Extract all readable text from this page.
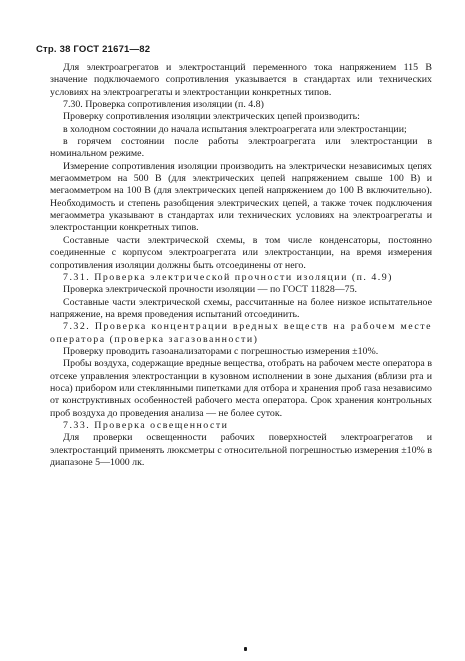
Стр. 38 ГОСТ 21671—82

Для электроагрегатов и электростанций переменного тока напряжением 115 В значение подключаемого сопротивления указывается в стандартах или технических условиях на электроагрегаты и электростанции конкретных типов.

7.30. Проверка сопротивления изоляции (п. 4.8)

Проверку сопротивления изоляции электрических цепей производить:

в холодном состоянии до начала испытания электроагрегата или электростанции;

в горячем состоянии после работы электроагрегата или электростанции в номинальном режиме.

Измерение сопротивления изоляции производить на электрически независимых цепях мегаомметром на 500 В (для электрических цепей напряжением свыше 100 В) и мегаомметром на 100 В (для электрических цепей напряжением до 100 В включительно). Необходимость и степень разобщения электрических цепей, а также точек подключения мегаомметра указывают в стандартах или технических условиях на электроагрегаты и электростанции конкретных типов.

Составные части электрической схемы, в том числе конденсаторы, постоянно соединенные с корпусом электроагрегата или электростанции, на время измерения сопротивления изоляции должны быть отсоединены от него.

7.31. Проверка электрической прочности изоляции (п. 4.9)

Проверка электрической прочности изоляции — по ГОСТ 11828—75.

Составные части электрической схемы, рассчитанные на более низкое испытательное напряжение, на время проведения испытаний отсоединить.

7.32. Проверка концентрации вредных веществ на рабочем месте оператора (проверка загазованности)

Проверку проводить газоанализаторами с погрешностью измерения ±10%.

Пробы воздуха, содержащие вредные вещества, отобрать на рабочем месте оператора в отсеке управления электростанции в кузовном исполнении в зоне дыхания (вблизи рта и носа) прибором или стеклянными пипетками для отбора и хранения проб газа независимо от конструктивных особенностей рабочего места оператора. Срок хранения контрольных проб воздуха до проведения анализа — не более суток.

7.33. Проверка освещенности

Для проверки освещенности рабочих поверхностей электроагрегатов и электростанций применять люксметры с относительной погрешностью измерения ±10% в диапазоне 5—1000 лк.
